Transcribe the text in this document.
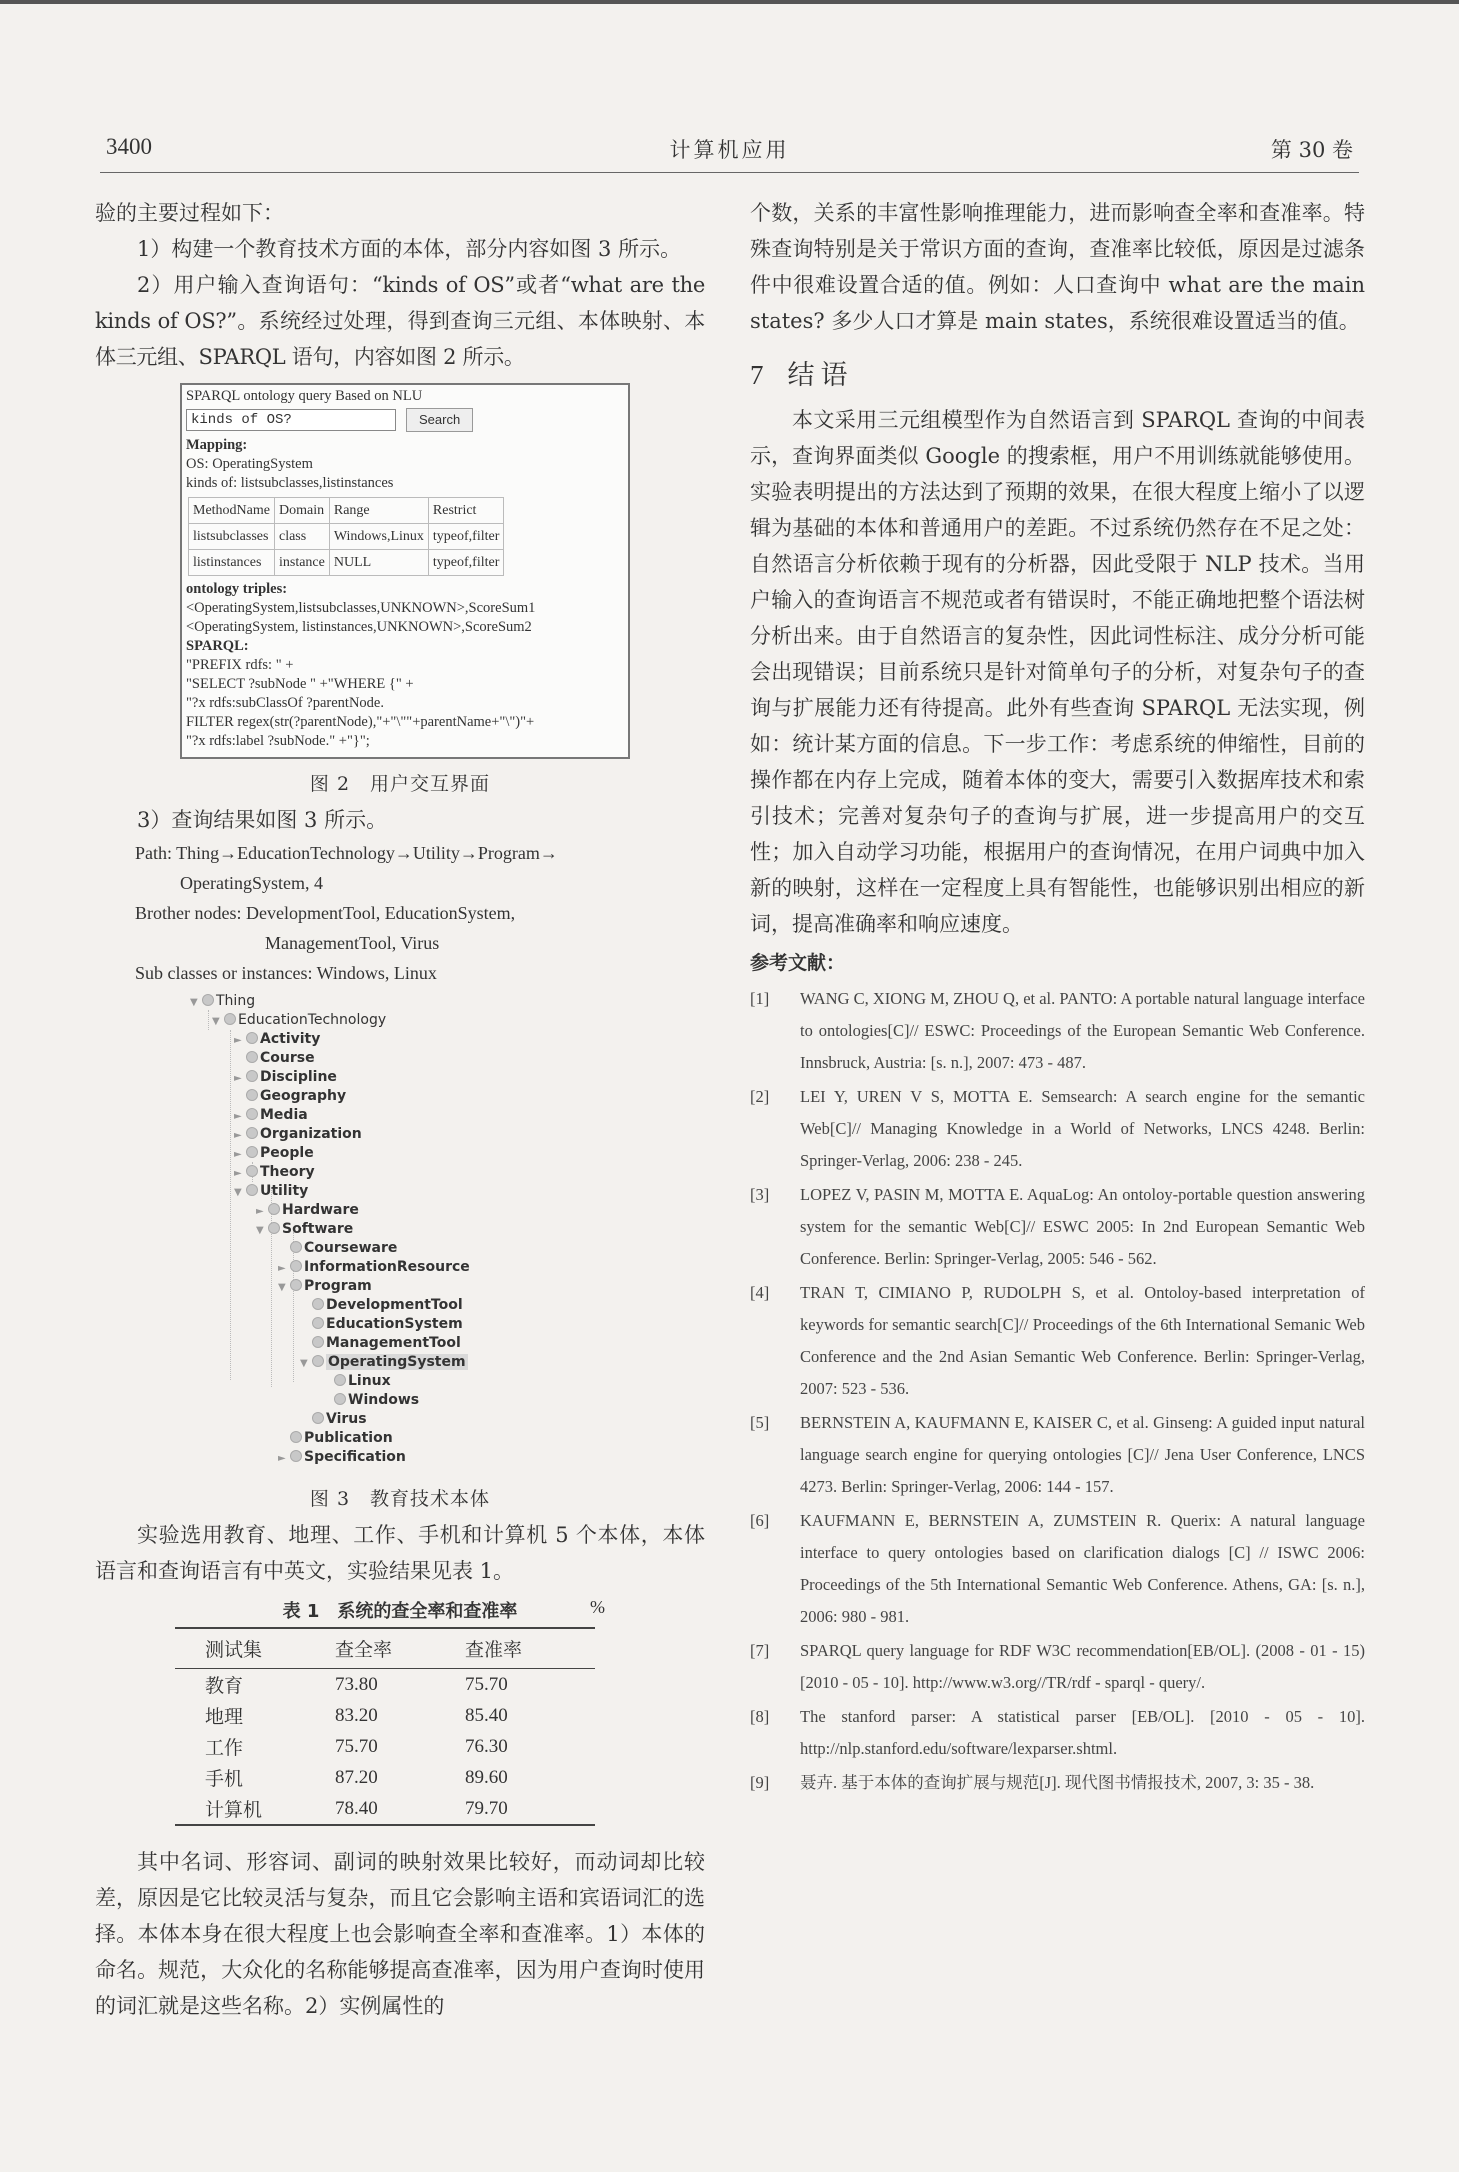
3400	计算机应用	第 30 卷

验的主要过程如下：

1）构建一个教育技术方面的本体，部分内容如图 3 所示。

2）用户输入查询语句：“kinds of OS”或者“what are the kinds of OS?”。系统经过处理，得到查询三元组、本体映射、本体三元组、SPARQL 语句，内容如图 2 所示。

SPARQL ontology query Based on NLU
kinds of OS?	Search
Mapping:
OS: OperatingSystem
kinds of: listsubclasses,listinstances
MethodName	Domain	Range	Restrict
listsubclasses	class	Windows,Linux	typeof,filter
listinstances	instance	NULL	typeof,filter
ontology triples:
<OperatingSystem,listsubclasses,UNKNOWN>,ScoreSum1
<OperatingSystem, listinstances,UNKNOWN>,ScoreSum2
SPARQL:
"PREFIX rdfs: " +
"SELECT ?subNode " +"WHERE {" +
"?x rdfs:subClassOf ?parentNode.
FILTER regex(str(?parentNode),"+"\""+parentName+"\")"+
"?x rdfs:label ?subNode." +"}";
图 2　用户交互界面

3）查询结果如图 3 所示。

Path: Thing→EducationTechnology→Utility→Program→
OperatingSystem, 4
Brother nodes: DevelopmentTool, EducationSystem,
ManagementTool, Virus
Sub classes or instances: Windows, Linux
▼ Thing
▼ EducationTechnology
► Activity
Course
► Discipline
Geography
► Media
► Organization
► People
► Theory
▼ Utility
► Hardware
▼ Software
Courseware
► InformationResource
▼ Program
DevelopmentTool
EducationSystem
ManagementTool
▼ OperatingSystem
Linux
Windows
Virus
Publication
► Specification
图 3　教育技术本体

实验选用教育、地理、工作、手机和计算机 5 个本体，本体语言和查询语言有中英文，实验结果见表 1。

表 1　系统的查全率和查准率	%
测试集	查全率	查准率
教育	73.80	75.70
地理	83.20	85.40
工作	75.70	76.30
手机	87.20	89.60
计算机	78.40	79.70

其中名词、形容词、副词的映射效果比较好，而动词却比较差，原因是它比较灵活与复杂，而且它会影响主语和宾语词汇的选择。本体本身在很大程度上也会影响查全率和查准率。1）本体的命名。规范，大众化的名称能够提高查准率，因为用户查询时使用的词汇就是这些名称。2）实例属性的

个数，关系的丰富性影响推理能力，进而影响查全率和查准率。特殊查询特别是关于常识方面的查询，查准率比较低，原因是过滤条件中很难设置合适的值。例如：人口查询中 what are the main states? 多少人口才算是 main states，系统很难设置适当的值。

7 结语

本文采用三元组模型作为自然语言到 SPARQL 查询的中间表示，查询界面类似 Google 的搜索框，用户不用训练就能够使用。实验表明提出的方法达到了预期的效果，在很大程度上缩小了以逻辑为基础的本体和普通用户的差距。不过系统仍然存在不足之处：自然语言分析依赖于现有的分析器，因此受限于 NLP 技术。当用户输入的查询语言不规范或者有错误时，不能正确地把整个语法树分析出来。由于自然语言的复杂性，因此词性标注、成分分析可能会出现错误；目前系统只是针对简单句子的分析，对复杂句子的查询与扩展能力还有待提高。此外有些查询 SPARQL 无法实现，例如：统计某方面的信息。下一步工作：考虑系统的伸缩性，目前的操作都在内存上完成，随着本体的变大，需要引入数据库技术和索引技术；完善对复杂句子的查询与扩展，进一步提高用户的交互性；加入自动学习功能，根据用户的查询情况，在用户词典中加入新的映射，这样在一定程度上具有智能性，也能够识别出相应的新词，提高准确率和响应速度。

参考文献：
[1]	WANG C, XIONG M, ZHOU Q, et al. PANTO: A portable natural language interface to ontologies[C]// ESWC: Proceedings of the European Semantic Web Conference. Innsbruck, Austria: [s. n.], 2007: 473 - 487.
[2]	LEI Y, UREN V S, MOTTA E. Semsearch: A search engine for the semantic Web[C]// Managing Knowledge in a World of Networks, LNCS 4248. Berlin: Springer-Verlag, 2006: 238 - 245.
[3]	LOPEZ V, PASIN M, MOTTA E. AquaLog: An ontoloy-portable question answering system for the semantic Web[C]// ESWC 2005: In 2nd European Semantic Web Conference. Berlin: Springer-Verlag, 2005: 546 - 562.
[4]	TRAN T, CIMIANO P, RUDOLPH S, et al. Ontoloy-based interpretation of keywords for semantic search[C]// Proceedings of the 6th International Semanic Web Conference and the 2nd Asian Semantic Web Conference. Berlin: Springer-Verlag, 2007: 523 - 536.
[5]	BERNSTEIN A, KAUFMANN E, KAISER C, et al. Ginseng: A guided input natural language search engine for querying ontologies [C]// Jena User Conference, LNCS 4273. Berlin: Springer-Verlag, 2006: 144 - 157.
[6]	KAUFMANN E, BERNSTEIN A, ZUMSTEIN R. Querix: A natural language interface to query ontologies based on clarification dialogs [C] // ISWC 2006: Proceedings of the 5th International Semantic Web Conference. Athens, GA: [s. n.], 2006: 980 - 981.
[7]	SPARQL query language for RDF W3C recommendation[EB/OL]. (2008 - 01 - 15) [2010 - 05 - 10]. http://www.w3.org//TR/rdf - sparql - query/.
[8]	The stanford parser: A statistical parser [EB/OL]. [2010 - 05 - 10]. http://nlp.stanford.edu/software/lexparser.shtml.
[9]	聂卉. 基于本体的查询扩展与规范[J]. 现代图书情报技术, 2007, 3: 35 - 38.
